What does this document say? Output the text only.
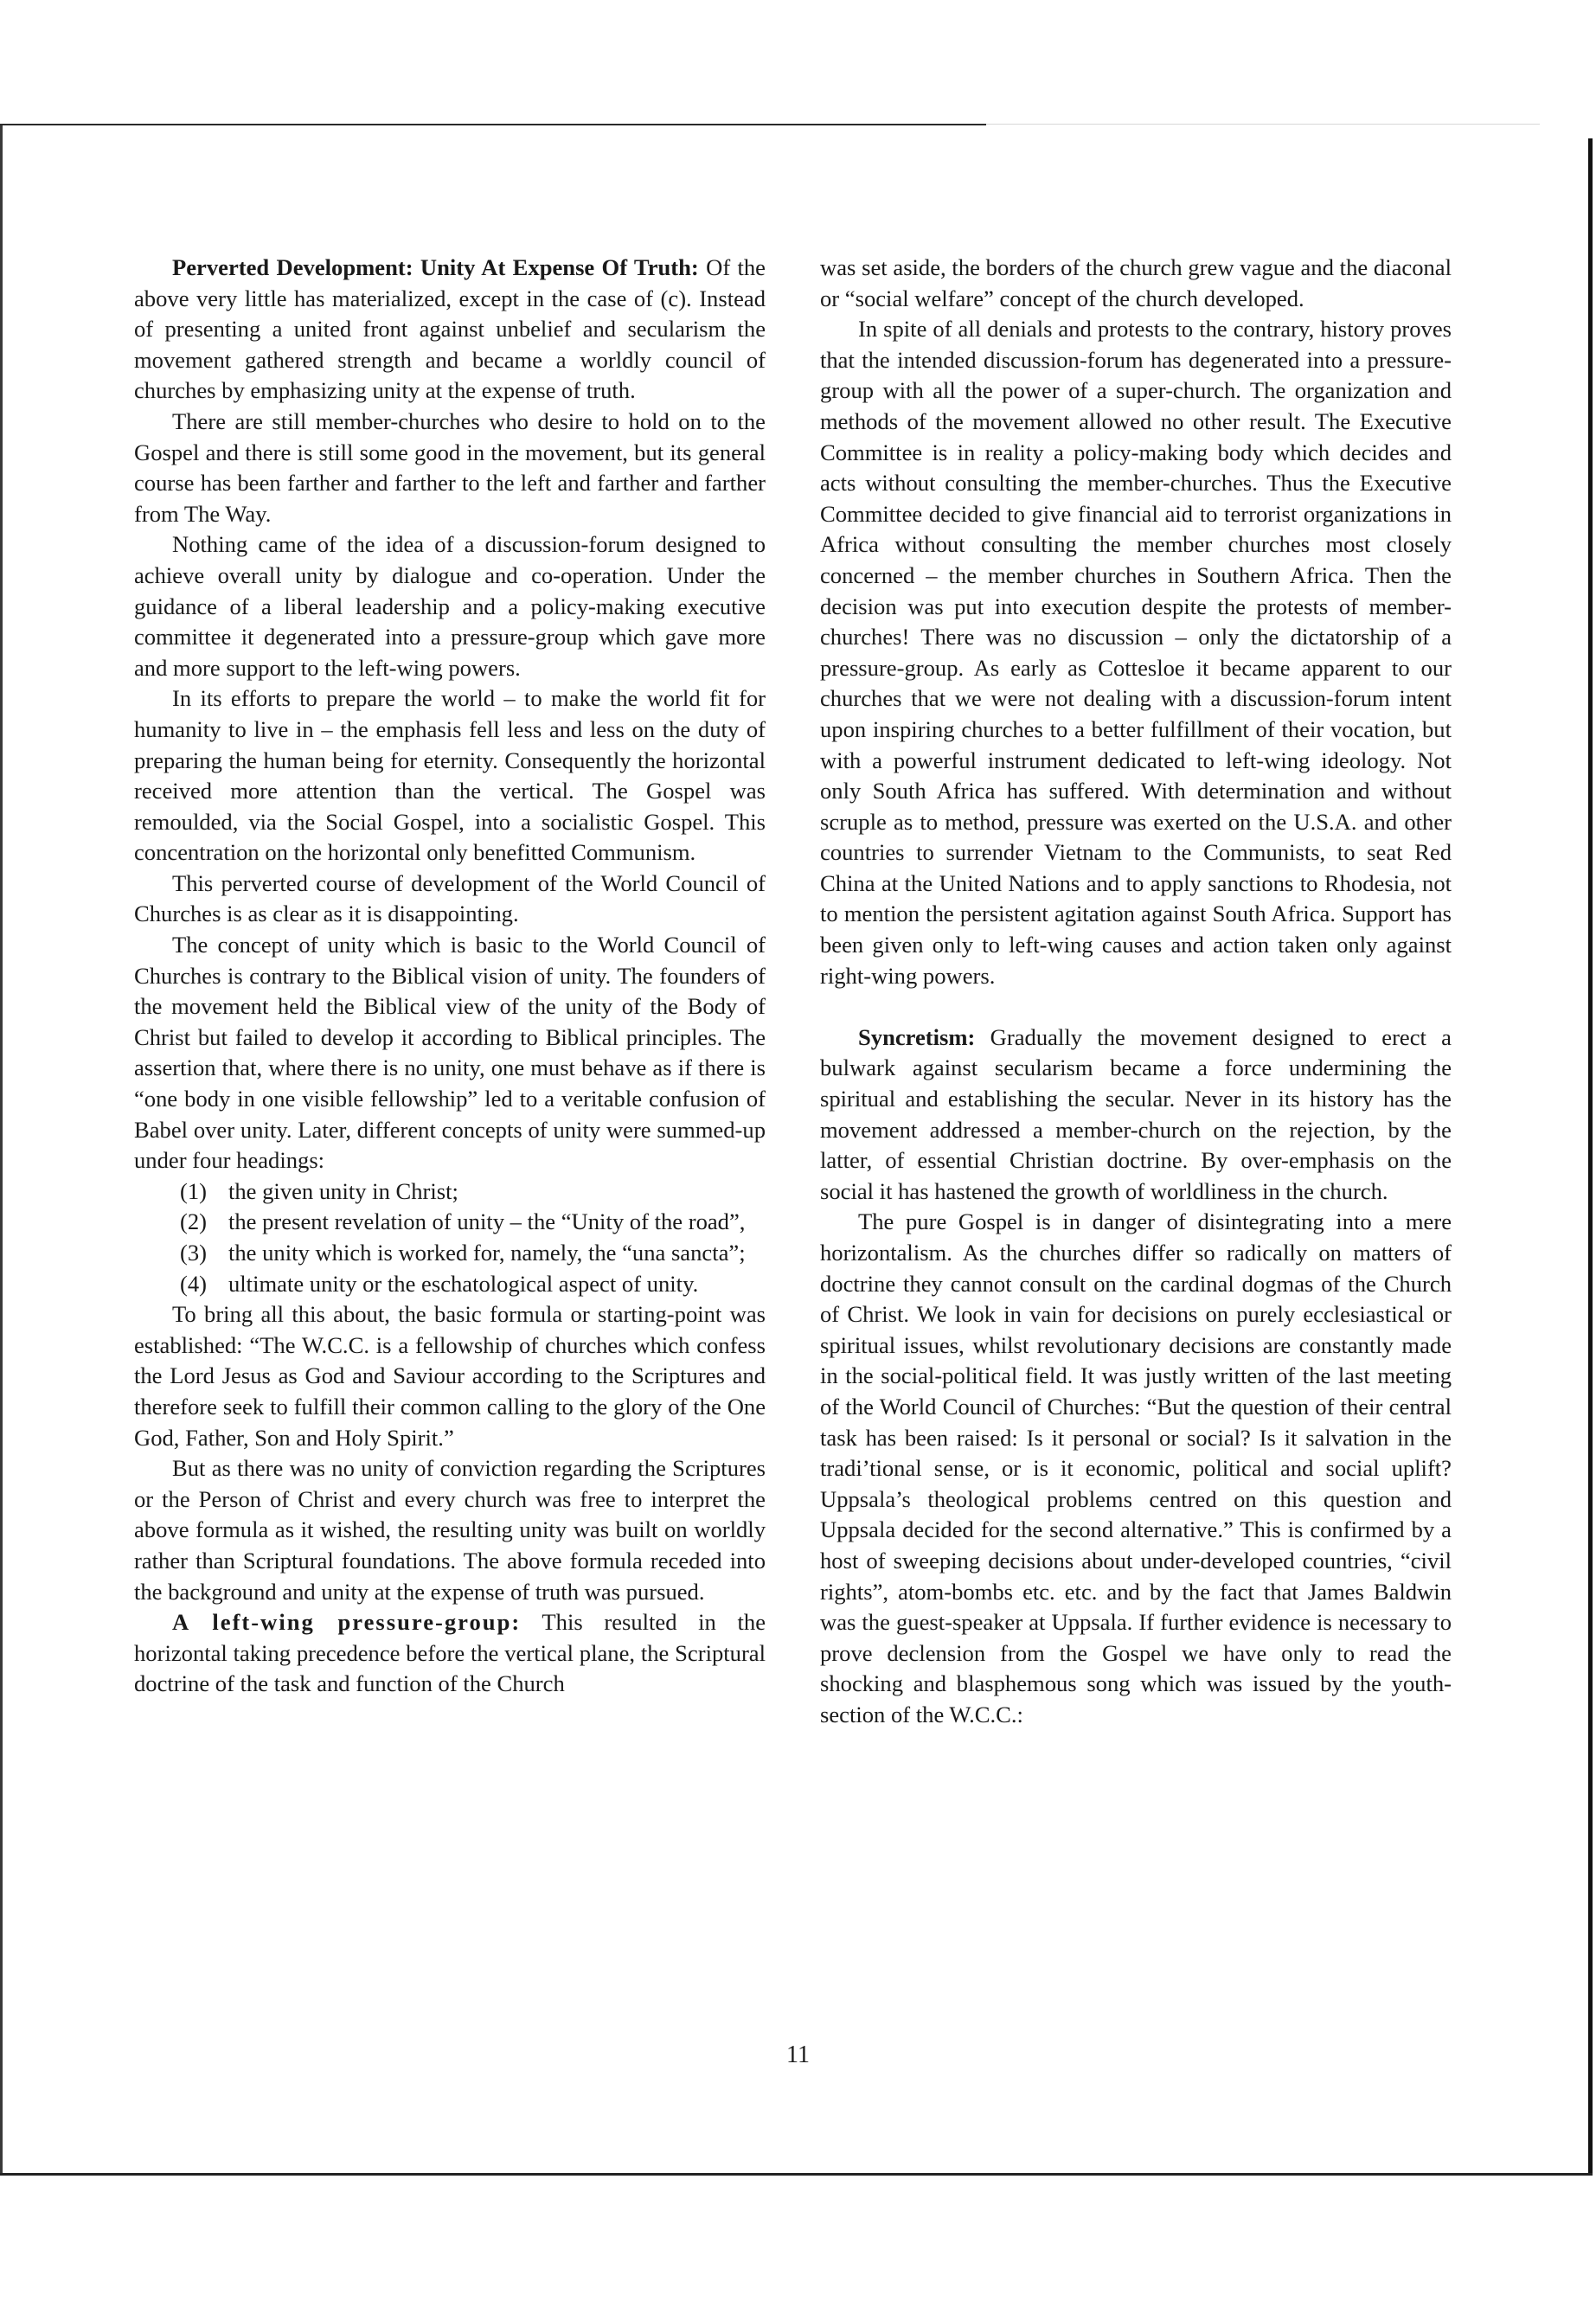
Perverted Development: Unity At Expense Of Truth: Of the above very little has materialized, except in the case of (c). Instead of presenting a united front against unbelief and secularism the movement gathered strength and became a worldly council of churches by emphasizing unity at the expense of truth.

There are still member-churches who desire to hold on to the Gospel and there is still some good in the movement, but its general course has been farther and farther to the left and farther and farther from The Way.

Nothing came of the idea of a discussion-forum designed to achieve overall unity by dialogue and co-operation. Under the guidance of a liberal leadership and a policy-making executive committee it degenerated into a pressure-group which gave more and more support to the left-wing powers.

In its efforts to prepare the world – to make the world fit for humanity to live in – the emphasis fell less and less on the duty of preparing the human being for eternity. Consequently the horizontal received more attention than the vertical. The Gospel was remoulded, via the Social Gospel, into a socialistic Gospel. This concentration on the horizontal only benefitted Communism.

This perverted course of development of the World Council of Churches is as clear as it is disappointing.

The concept of unity which is basic to the World Council of Churches is contrary to the Biblical vision of unity. The founders of the movement held the Biblical view of the unity of the Body of Christ but failed to develop it according to Biblical principles. The assertion that, where there is no unity, one must behave as if there is “one body in one visible fellowship” led to a veritable confusion of Babel over unity. Later, different concepts of unity were summed-up under four headings:

(1) the given unity in Christ;
(2) the present revelation of unity – the “Unity of the road”,
(3) the unity which is worked for, namely, the “una sancta”;
(4) ultimate unity or the eschatological aspect of unity.

To bring all this about, the basic formula or starting-point was established: “The W.C.C. is a fellowship of churches which confess the Lord Jesus as God and Saviour according to the Scriptures and therefore seek to fulfill their common calling to the glory of the One God, Father, Son and Holy Spirit.”

But as there was no unity of conviction regarding the Scriptures or the Person of Christ and every church was free to interpret the above formula as it wished, the resulting unity was built on worldly rather than Scriptural foundations. The above formula receded into the background and unity at the expense of truth was pursued.

A left-wing pressure-group: This resulted in the horizontal taking precedence before the vertical plane, the Scriptural doctrine of the task and function of the Church

was set aside, the borders of the church grew vague and the diaconal or “social welfare” concept of the church developed.

In spite of all denials and protests to the contrary, history proves that the intended discussion-forum has degenerated into a pressure-group with all the power of a super-church. The organization and methods of the movement allowed no other result. The Executive Committee is in reality a policy-making body which decides and acts without consulting the member-churches. Thus the Executive Committee decided to give financial aid to terrorist organizations in Africa without consulting the member churches most closely concerned – the member churches in Southern Africa. Then the decision was put into execution despite the protests of member-churches! There was no discussion – only the dictatorship of a pressure-group. As early as Cottesloe it became apparent to our churches that we were not dealing with a discussion-forum intent upon inspiring churches to a better fulfillment of their vocation, but with a powerful instrument dedicated to left-wing ideology. Not only South Africa has suffered. With determination and without scruple as to method, pressure was exerted on the U.S.A. and other countries to surrender Vietnam to the Communists, to seat Red China at the United Nations and to apply sanctions to Rhodesia, not to mention the persistent agitation against South Africa. Support has been given only to left-wing causes and action taken only against right-wing powers.

Syncretism: Gradually the movement designed to erect a bulwark against secularism became a force undermining the spiritual and establishing the secular. Never in its history has the movement addressed a member-church on the rejection, by the latter, of essential Christian doctrine. By over-emphasis on the social it has hastened the growth of worldliness in the church.

The pure Gospel is in danger of disintegrating into a mere horizontalism. As the churches differ so radically on matters of doctrine they cannot consult on the cardinal dogmas of the Church of Christ. We look in vain for decisions on purely ecclesiastical or spiritual issues, whilst revolutionary decisions are constantly made in the social-political field. It was justly written of the last meeting of the World Council of Churches: “But the question of their central task has been raised: Is it personal or social? Is it salvation in the tradi’tional sense, or is it economic, political and social uplift? Uppsala’s theological problems centred on this question and Uppsala decided for the second alternative.” This is confirmed by a host of sweeping decisions about under-developed countries, “civil rights”, atom-bombs etc. etc. and by the fact that James Baldwin was the guest-speaker at Uppsala. If further evidence is necessary to prove declension from the Gospel we have only to read the shocking and blasphemous song which was issued by the youth-section of the W.C.C.:

11
